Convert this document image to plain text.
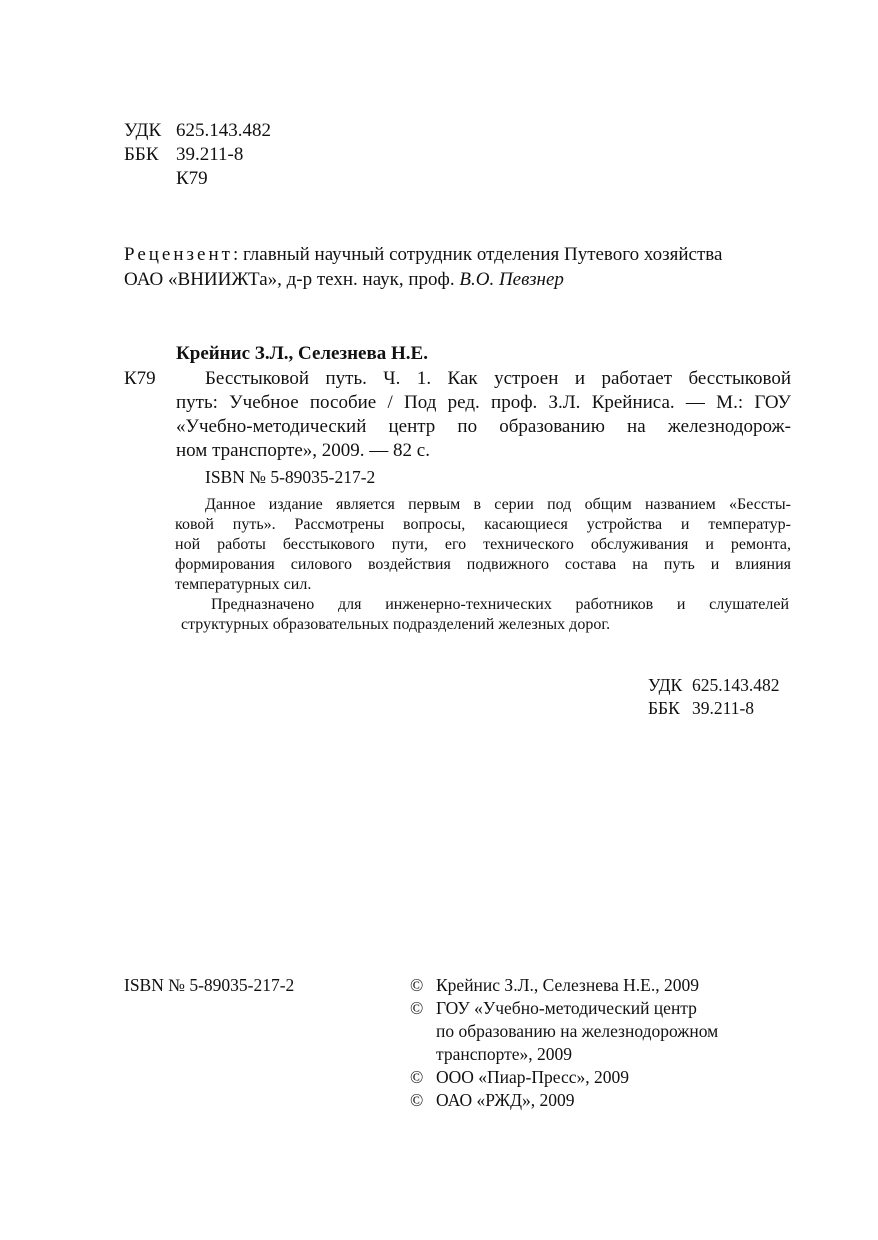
УДК 625.143.482
ББК 39.211-8
К79
Рецензент: главный научный сотрудник отделения Путевого хозяйства
ОАО «ВНИИЖТа», д-р техн. наук, проф. В.О. Певзнер
Крейнис З.Л., Селезнева Н.Е.
К79	Бесстыковой путь. Ч. 1. Как устроен и работает бесстыковой
путь: Учебное пособие / Под ред. проф. З.Л. Крейниса. — М.: ГОУ
«Учебно-методический центр по образованию на железнодорож-
ном транспорте», 2009. — 82 с.
ISBN № 5-89035-217-2

Данное издание является первым в серии под общим названием «Бессты-

ковой путь». Рассмотрены вопросы, касающиеся устройства и температур-

ной работы бесстыкового пути, его технического обслуживания и ремонта,

формирования силового воздействия подвижного состава на путь и влияния

температурных сил.

Предназначено для инженерно-технических работников и слушателей

структурных образовательных подразделений железных дорог.

УДК 625.143.482
ББК 39.211-8
ISBN № 5-89035-217-2	© Крейнис З.Л., Селезнева Н.Е., 2009
© ГОУ «Учебно-методический центр
по образованию на железнодорожном
транспорте», 2009
© ООО «Пиар-Пресс», 2009
© ОАО «РЖД», 2009
